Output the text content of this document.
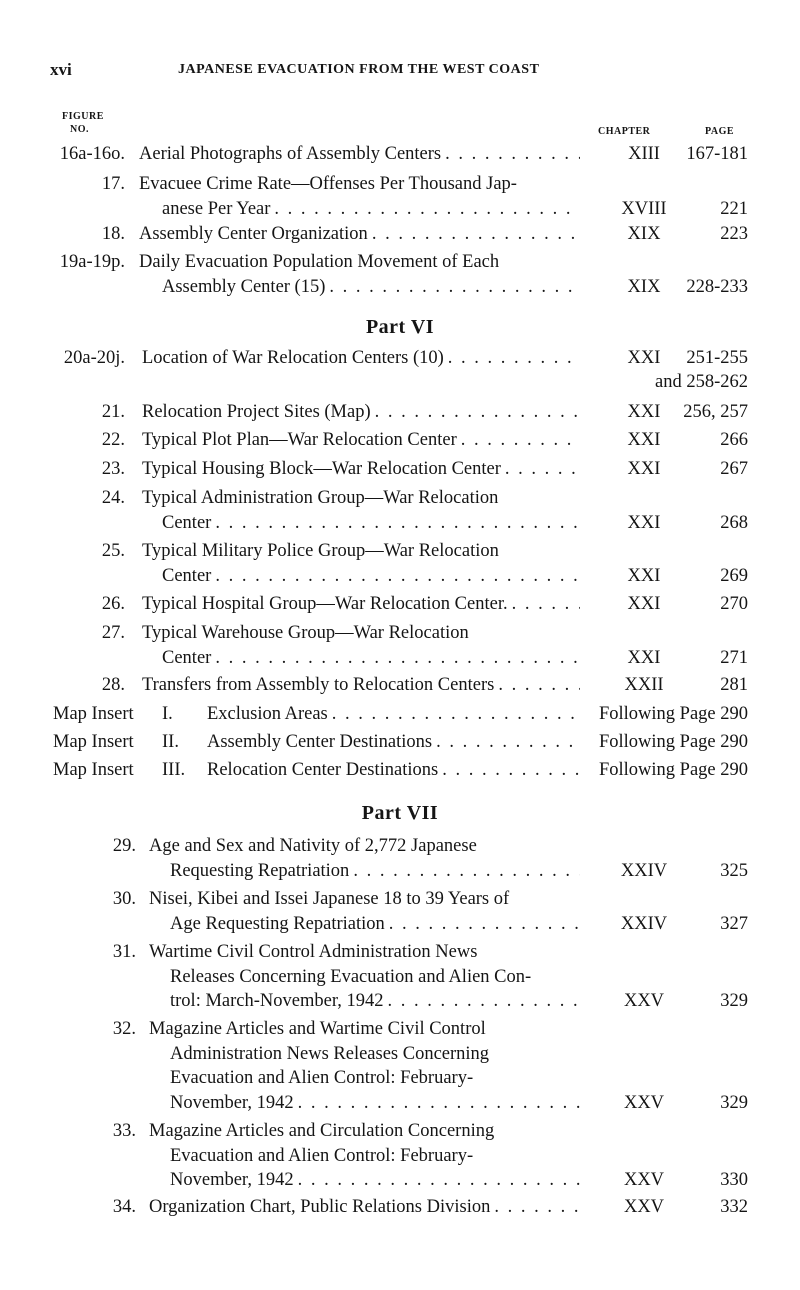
xvi	JAPANESE EVACUATION FROM THE WEST COAST
FIGURE
NO.	CHAPTER	PAGE
16a-16o. Aerial Photographs of Assembly Centers . . .	XIII	167-181
17. Evacuee Crime Rate—Offenses Per Thousand Jap-
anese Per Year . . .	XVIII	221
18. Assembly Center Organization . . .	XIX	223
19a-19p. Daily Evacuation Population Movement of Each
Assembly Center (15) . . .	XIX	228-233
20a-20j. Location of War Relocation Centers (10) . . .	XXI	251-255
and 258-262
21. Relocation Project Sites (Map) . . .	XXI	256, 257
22. Typical Plot Plan—War Relocation Center . . .	XXI	266
23. Typical Housing Block—War Relocation Center . . .	XXI	267
24. Typical Administration Group—War Relocation
Center . . .	XXI	268
25. Typical Military Police Group—War Relocation
Center . . .	XXI	269
26. Typical Hospital Group—War Relocation Center. . . .	XXI	270
27. Typical Warehouse Group—War Relocation
Center . . .	XXI	271
28. Transfers from Assembly to Relocation Centers . . .	XXII	281
29. Age and Sex and Nativity of 2,772 Japanese
Requesting Repatriation . . .	XXIV	325
30. Nisei, Kibei and Issei Japanese 18 to 39 Years of
Age Requesting Repatriation . . .	XXIV	327
31. Wartime Civil Control Administration News
Releases Concerning Evacuation and Alien Con-
trol: March-November, 1942 . . .	XXV	329
32. Magazine Articles and Wartime Civil Control
Administration News Releases Concerning
Evacuation and Alien Control: February-
November, 1942 . . .	XXV	329
33. Magazine Articles and Circulation Concerning
Evacuation and Alien Control: February-
November, 1942 . . .	XXV	330
34. Organization Chart, Public Relations Division . . .	XXV	332
Part VI
Part VII
Map Insert I. Exclusion Areas . . .	Following Page 290
Map Insert II. Assembly Center Destinations . . .	Following Page 290
Map Insert III. Relocation Center Destinations . . .	Following Page 290
